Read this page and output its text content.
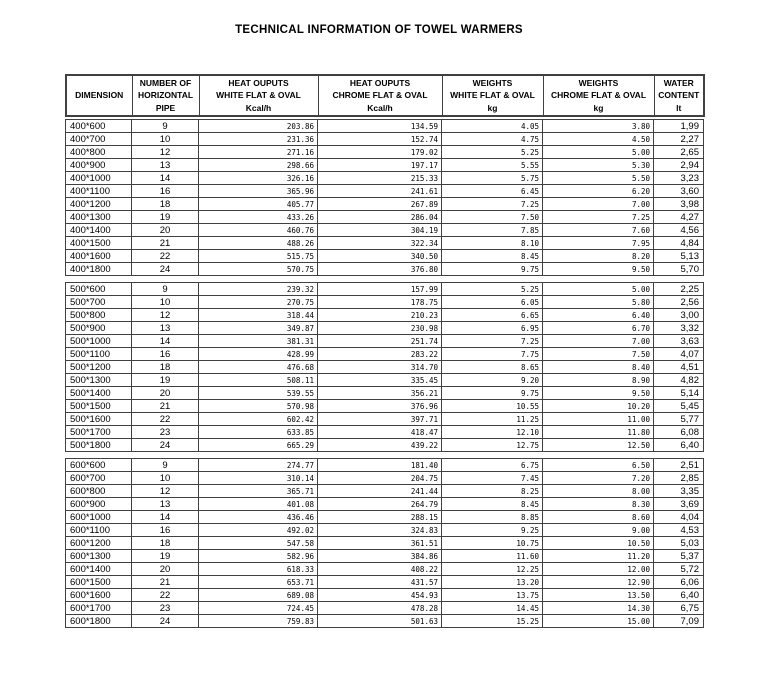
TECHNICAL INFORMATION OF TOWEL WARMERS
DIMENSION

NUMBER OF
HORIZONTAL
PIPE

HEAT OUPUTS
WHITE FLAT & OVAL
Kcal/h

HEAT OUPUTS
CHROME FLAT & OVAL
Kcal/h

WEIGHTS
WHITE FLAT & OVAL
kg

WEIGHTS
CHROME FLAT & OVAL
kg

WATER
CONTENT
lt
400*600	9	203.86	134.59	4.05	3.80	1,99
400*700	10	231.36	152.74	4.75	4.50	2,27
400*800	12	271.16	179.02	5.25	5.00	2,65
400*900	13	298.66	197.17	5.55	5.30	2,94
400*1000	14	326.16	215.33	5.75	5.50	3,23
400*1100	16	365.96	241.61	6.45	6.20	3,60
400*1200	18	405.77	267.89	7.25	7.00	3,98
400*1300	19	433.26	286.04	7.50	7.25	4,27
400*1400	20	460.76	304.19	7.85	7.60	4,56
400*1500	21	488.26	322.34	8.10	7.95	4,84
400*1600	22	515.75	340.50	8.45	8.20	5,13
400*1800	24	570.75	376.80	9.75	9.50	5,70
500*600	9	239.32	157.99	5.25	5.00	2,25
500*700	10	270.75	178.75	6.05	5.80	2,56
500*800	12	318.44	210.23	6.65	6.40	3,00
500*900	13	349.87	230.98	6.95	6.70	3,32
500*1000	14	381.31	251.74	7.25	7.00	3,63
500*1100	16	428.99	283.22	7.75	7.50	4,07
500*1200	18	476.68	314.70	8.65	8.40	4,51
500*1300	19	508.11	335.45	9.20	8.90	4,82
500*1400	20	539.55	356.21	9.75	9.50	5,14
500*1500	21	570.98	376.96	10.55	10.20	5,45
500*1600	22	602.42	397.71	11.25	11.00	5,77
500*1700	23	633.85	418.47	12.10	11.80	6,08
500*1800	24	665.29	439.22	12.75	12.50	6,40
600*600	9	274.77	181.40	6.75	6.50	2,51
600*700	10	310.14	204.75	7.45	7.20	2,85
600*800	12	365.71	241.44	8.25	8.00	3,35
600*900	13	401.08	264.79	8.45	8.30	3,69
600*1000	14	436.46	288.15	8.85	8.60	4,04
600*1100	16	492.02	324.83	9.25	9.00	4,53
600*1200	18	547.58	361.51	10.75	10.50	5,03
600*1300	19	582.96	384.86	11.60	11.20	5,37
600*1400	20	618.33	408.22	12.25	12.00	5,72
600*1500	21	653.71	431.57	13.20	12.90	6,06
600*1600	22	689.08	454.93	13.75	13.50	6,40
600*1700	23	724.45	478.28	14.45	14.30	6,75
600*1800	24	759.83	501.63	15.25	15.00	7,09
